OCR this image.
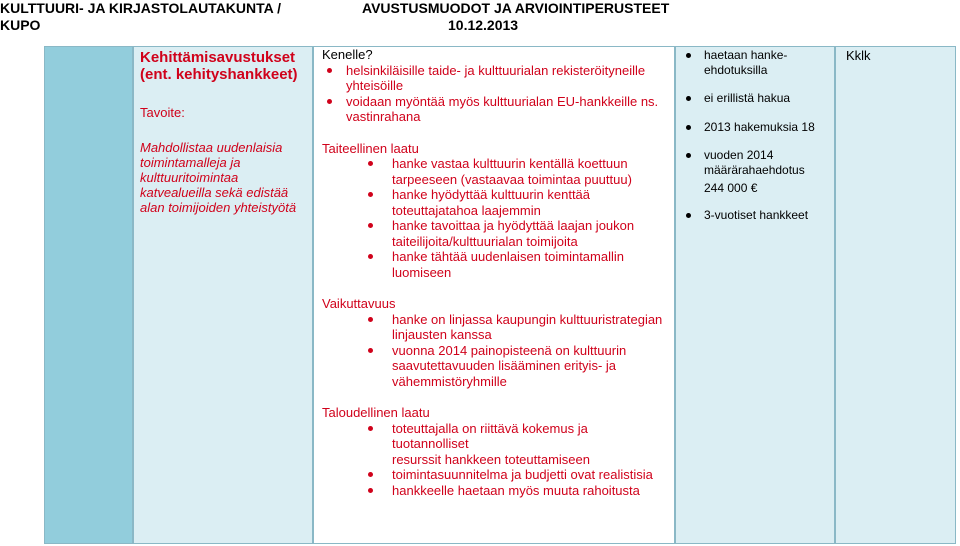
KULTTUURI- JA KIRJASTOLAUTAKUNTA /
KUPO
AVUSTUSMUODOT JA ARVIOINTIPERUSTEET
10.12.2013
Kehittämisavustukset
(ent. kehityshankkeet)

Tavoite:

Mahdollistaa uudenlaisia

toimintamalleja ja

kulttuuritoimintaa

katvealueilla sekä edistää

alan toimijoiden yhteistyötä

Kenelle?

helsinkiläisille taide- ja kulttuurialan rekisteröityneille
yhteisöille
voidaan myöntää myös kulttuurialan EU-hankkeille ns.
vastinrahana

Taiteellinen laatu

hanke vastaa kulttuurin kentällä koettuun
tarpeeseen (vastaavaa toimintaa puuttuu)
hanke hyödyttää kulttuurin kenttää
toteuttajatahoa laajemmin
hanke tavoittaa ja hyödyttää laajan joukon
taiteilijoita/kulttuurialan toimijoita
hanke tähtää uudenlaisen toimintamallin
luomiseen

Vaikuttavuus

hanke on linjassa kaupungin kulttuuristrategian
linjausten kanssa
vuonna 2014 painopisteenä on kulttuurin
saavutettavuuden lisääminen erityis- ja
vähemmistöryhmille

Taloudellinen laatu

toteuttajalla on riittävä kokemus ja tuotannolliset
resurssit hankkeen toteuttamiseen
toimintasuunnitelma ja budjetti ovat realistisia
hankkeelle haetaan myös muuta rahoitusta
haetaan hanke-
ehdotuksilla
ei erillistä hakua
2013 hakemuksia 18
vuoden 2014
määrärahaehdotus
244 000 €
3-vuotiset hankkeet
Kklk
